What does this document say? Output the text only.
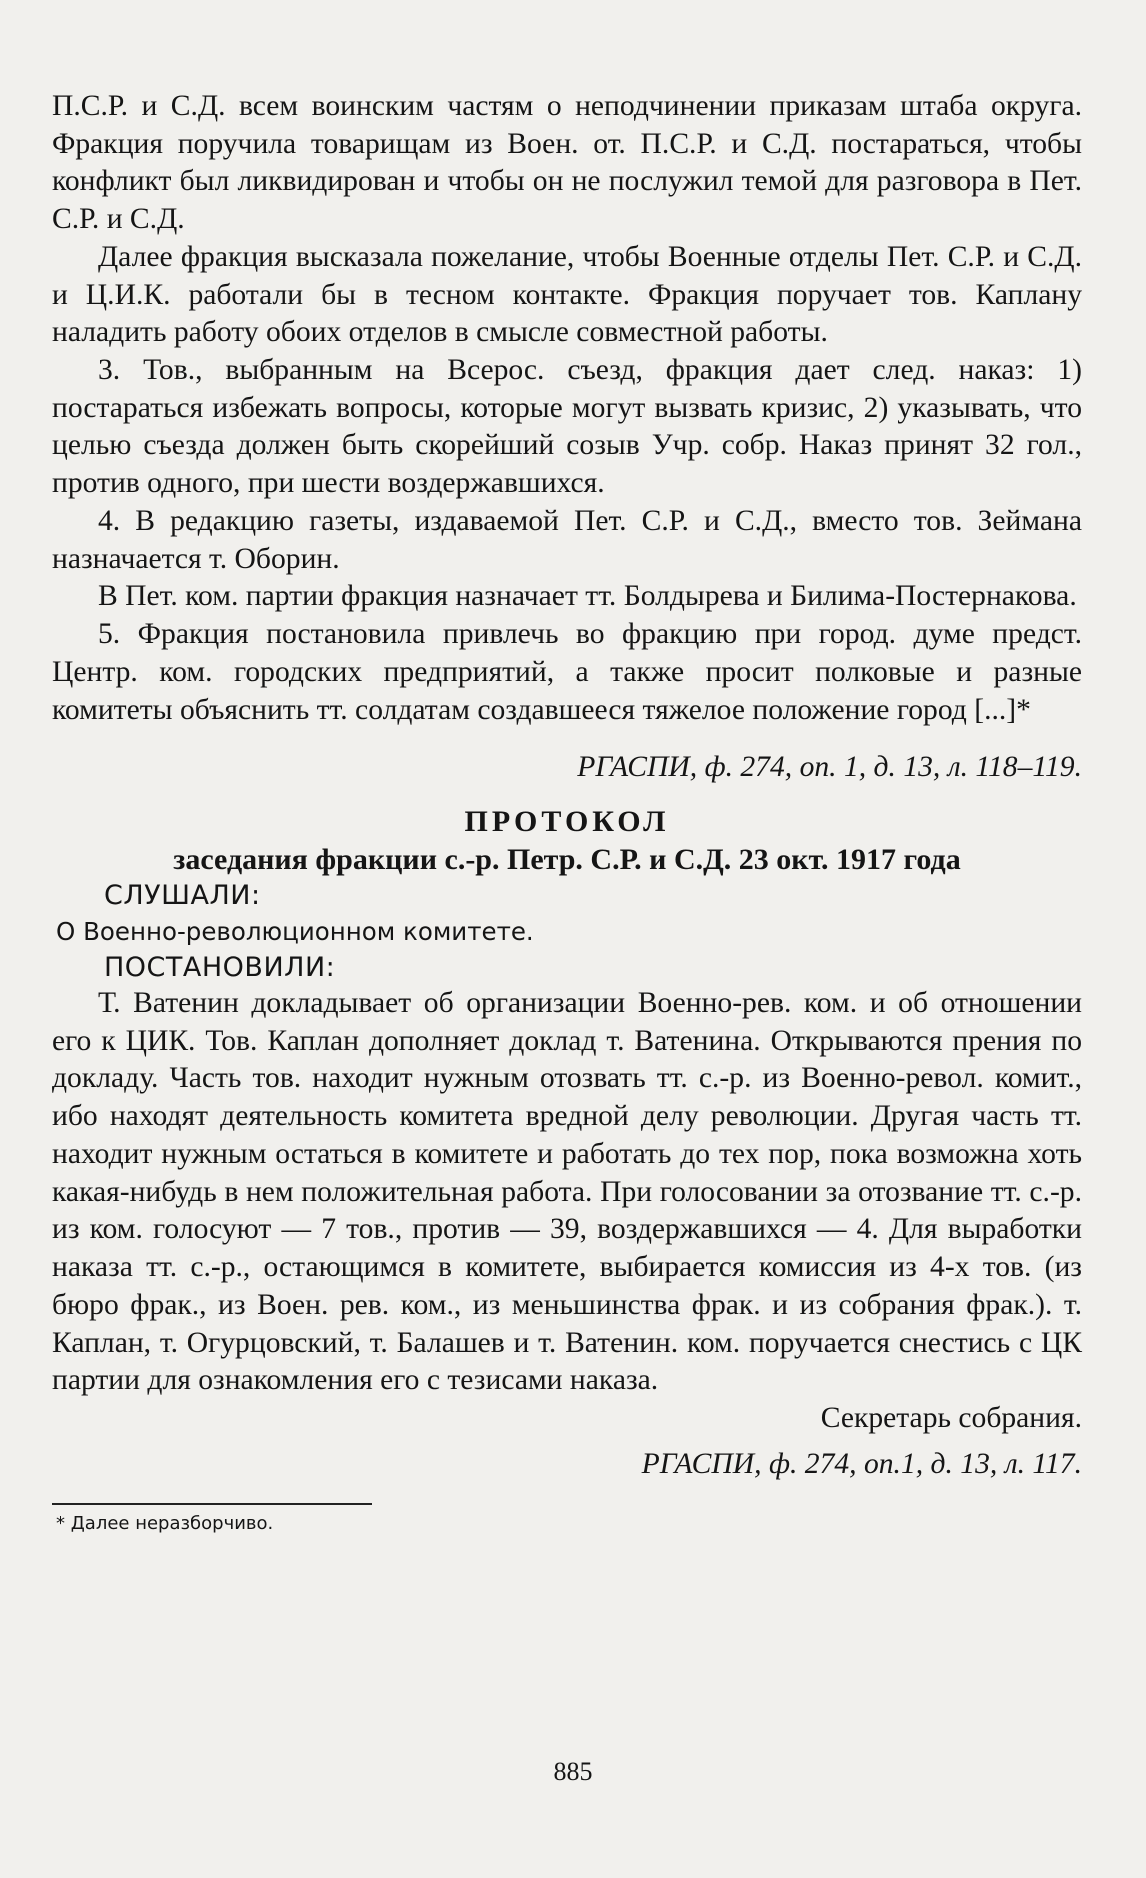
П.С.Р. и С.Д. всем воинским частям о неподчинении приказам штаба округа. Фракция поручила товарищам из Воен. от. П.С.Р. и С.Д. постараться, чтобы конфликт был ликвидирован и чтобы он не послужил темой для разговора в Пет. С.Р. и С.Д.

Далее фракция высказала пожелание, чтобы Военные отделы Пет. С.Р. и С.Д. и Ц.И.К. работали бы в тесном контакте. Фракция поручает тов. Каплану наладить работу обоих отделов в смысле совместной работы.

3. Тов., выбранным на Всерос. съезд, фракция дает след. наказ: 1) постараться избежать вопросы, которые могут вызвать кризис, 2) указывать, что целью съезда должен быть скорейший созыв Учр. собр. Наказ принят 32 гол., против одного, при шести воздержавшихся.

4. В редакцию газеты, издаваемой Пет. С.Р. и С.Д., вместо тов. Зеймана назначается т. Оборин.

В Пет. ком. партии фракция назначает тт. Болдырева и Билима-Постернакова.

5. Фракция постановила привлечь во фракцию при город. думе предст. Центр. ком. городских предприятий, а также просит полковые и разные комитеты объяснить тт. солдатам создавшееся тяжелое положение город [...]*

РГАСПИ, ф. 274, оп. 1, д. 13, л. 118–119.

ПРОТОКОЛ

заседания фракции с.-р. Петр. С.Р. и С.Д. 23 окт. 1917 года

СЛУШАЛИ:

О Военно-революционном комитете.

ПОСТАНОВИЛИ:

Т. Ватенин докладывает об организации Военно-рев. ком. и об отношении его к ЦИК. Тов. Каплан дополняет доклад т. Ватенина. Открываются прения по докладу. Часть тов. находит нужным отозвать тт. с.-р. из Военно-револ. комит., ибо находят деятельность комитета вредной делу революции. Другая часть тт. находит нужным остаться в комитете и работать до тех пор, пока возможна хоть какая-нибудь в нем положительная работа. При голосовании за отозвание тт. с.-р. из ком. голосуют — 7 тов., против — 39, воздержавшихся — 4. Для выработки наказа тт. с.-р., остающимся в комитете, выбирается комиссия из 4-х тов. (из бюро фрак., из Воен. рев. ком., из меньшинства фрак. и из собрания фрак.). т. Каплан, т. Огурцовский, т. Балашев и т. Ватенин. ком. поручается снестись с ЦК партии для ознакомления его с тезисами наказа.

Секретарь собрания.

РГАСПИ, ф. 274, оп.1, д. 13, л. 117.

* Далее неразборчиво.

885
